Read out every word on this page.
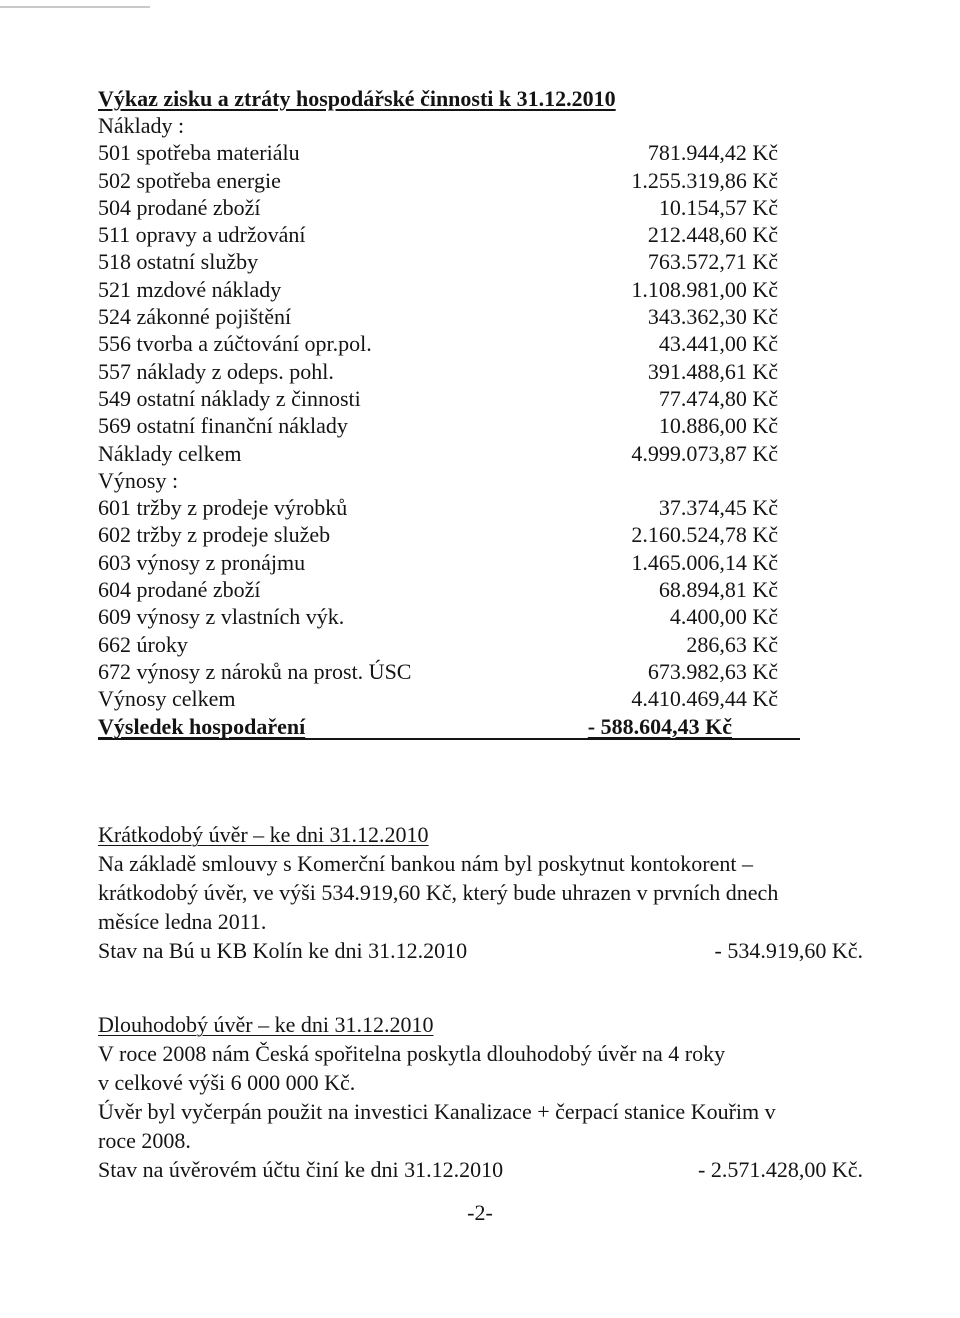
Výkaz zisku a ztráty hospodářské činnosti k 31.12.2010
Náklady :
501 spotřeba materiálu	781.944,42 Kč
502 spotřeba energie	1.255.319,86 Kč
504 prodané zboží	10.154,57 Kč
511 opravy a udržování	212.448,60 Kč
518 ostatní služby	763.572,71 Kč
521 mzdové náklady	1.108.981,00 Kč
524 zákonné pojištění	343.362,30 Kč
556 tvorba a zúčtování opr.pol.	43.441,00 Kč
557 náklady z odeps. pohl.	391.488,61 Kč
549 ostatní náklady z činnosti	77.474,80 Kč
569 ostatní finanční náklady	10.886,00 Kč
Náklady celkem	4.999.073,87 Kč
Výnosy :
601 tržby z prodeje výrobků	37.374,45 Kč
602 tržby z prodeje služeb	2.160.524,78 Kč
603 výnosy z pronájmu	1.465.006,14 Kč
604 prodané zboží	68.894,81 Kč
609 výnosy z vlastních výk.	4.400,00 Kč
662 úroky	286,63 Kč
672 výnosy z nároků na prost. ÚSC	673.982,63 Kč
Výnosy celkem	4.410.469,44 Kč
Výsledek hospodaření	- 588.604,43 Kč
Krátkodobý úvěr – ke dni 31.12.2010
Na základě smlouvy s Komerční bankou nám byl poskytnut kontokorent –
krátkodobý úvěr, ve výši 534.919,60 Kč, který bude uhrazen v prvních dnech
měsíce ledna 2011.
Stav na Bú u KB Kolín ke dni 31.12.2010	- 534.919,60 Kč.
Dlouhodobý úvěr – ke dni 31.12.2010
V roce 2008 nám Česká spořitelna poskytla dlouhodobý úvěr na 4 roky
v celkové výši 6 000 000 Kč.
Úvěr byl vyčerpán použit na investici Kanalizace + čerpací stanice Kouřim v
roce 2008.
Stav na úvěrovém účtu činí ke dni 31.12.2010	- 2.571.428,00 Kč.
-2-
